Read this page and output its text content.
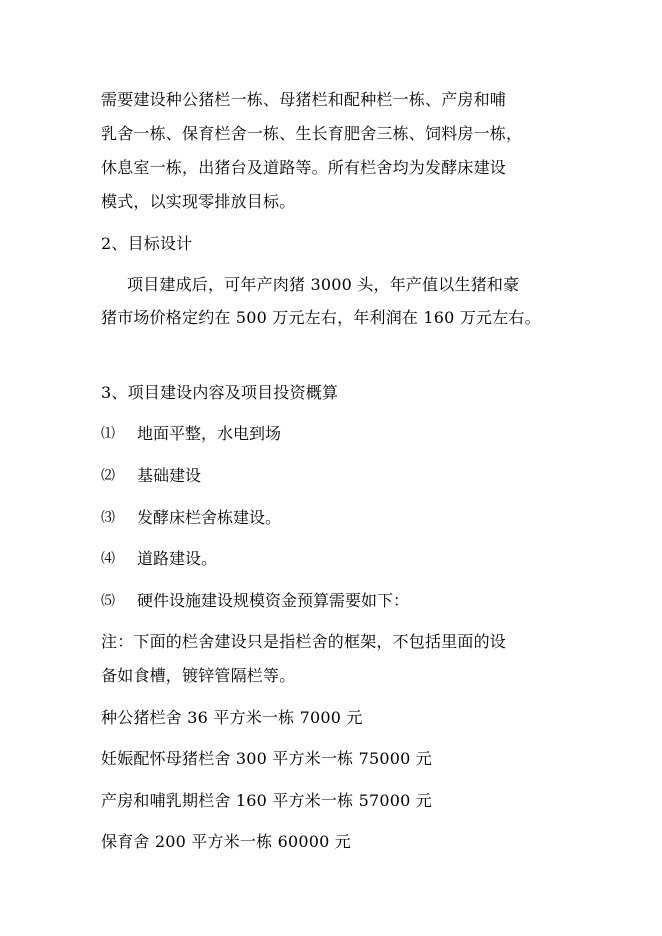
需要建设种公猪栏一栋、母猪栏和配种栏一栋、产房和哺
乳舍一栋、保育栏舍一栋、生长育肥舍三栋、饲料房一栋，
休息室一栋，出猪台及道路等。所有栏舍均为发酵床建设
模式，以实现零排放目标。
2、目标设计
项目建成后，可年产肉猪 3000 头，年产值以生猪和豪
猪市场价格定约在 500 万元左右，年利润在 160 万元左右。
3、项目建设内容及项目投资概算
⑴ 地面平整，水电到场
⑵ 基础建设
⑶ 发酵床栏舍栋建设。
⑷ 道路建设。
⑸ 硬件设施建设规模资金预算需要如下：
注：下面的栏舍建设只是指栏舍的框架，不包括里面的设
备如食槽，镀锌管隔栏等。
种公猪栏舍 36 平方米一栋 7000 元
妊娠配怀母猪栏舍 300 平方米一栋 75000 元
产房和哺乳期栏舍 160 平方米一栋 57000 元
保育舍 200 平方米一栋 60000 元
